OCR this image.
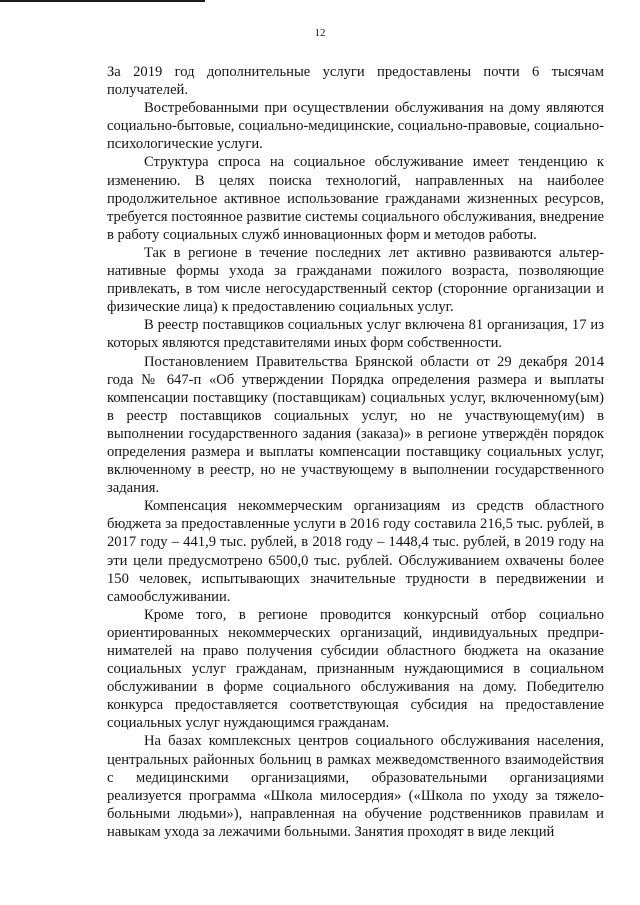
12

За 2019 год дополнительные услуги предоставлены почти 6 тысячам получателей.

Востребованными при осуществлении обслуживания на дому являются социально-бытовые, социально-медицинские, социально-правовые, социально-психологические услуги.

Структура спроса на социальное обслуживание имеет тенденцию к изменению. В целях поиска технологий, направленных на наиболее продолжительное активное использование гражданами жизненных ресурсов, требуется постоянное развитие системы социального обслуживания, внедрение в работу социальных служб инновационных форм и методов работы.

Так в регионе в течение последних лет активно развиваются альтернативные формы ухода за гражданами пожилого возраста, позволяющие привлекать, в том числе негосударственный сектор (сторонние организации и физические лица) к предоставлению социальных услуг.

В реестр поставщиков социальных услуг включена 81 организация, 17 из которых являются представителями иных форм собственности.

Постановлением Правительства Брянской области от 29 декабря 2014 года № 647-п «Об утверждении Порядка определения размера и выплаты компенсации поставщику (поставщикам) социальных услуг, включенному(ым) в реестр поставщиков социальных услуг, но не участвующему(им) в выполнении государственного задания (заказа)» в регионе утверждён порядок определения размера и выплаты компенсации поставщику социальных услуг, включенному в реестр, но не участвующему в выполнении государственного задания.

Компенсация некоммерческим организациям из средств областного бюджета за предоставленные услуги в 2016 году составила 216,5 тыс. рублей, в 2017 году – 441,9 тыс. рублей, в 2018 году – 1448,4 тыс. рублей, в 2019 году на эти цели предусмотрено 6500,0 тыс. рублей. Обслуживанием охвачены более 150 человек, испытывающих значительные трудности в передвижении и самообслуживании.

Кроме того, в регионе проводится конкурсный отбор социально ориентированных некоммерческих организаций, индивидуальных предпринимателей на право получения субсидии областного бюджета на оказание социальных услуг гражданам, признанным нуждающимися в социальном обслуживании в форме социального обслуживания на дому. Победителю конкурса предоставляется соответствующая субсидия на предоставление социальных услуг нуждающимся гражданам.

На базах комплексных центров социального обслуживания населения, центральных районных больниц в рамках межведомственного взаимодействия с медицинскими организациями, образовательными организациями реализуется программа «Школа милосердия» («Школа по уходу за тяжелобольными людьми»), направленная на обучение родственников правилам и навыкам ухода за лежачими больными. Занятия проходят в виде лекций
